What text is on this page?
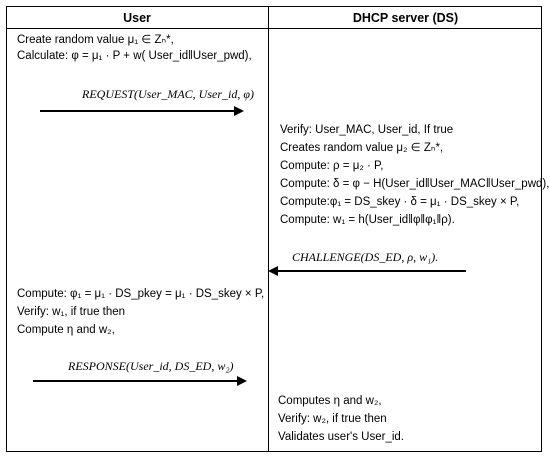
User	DHCP server (DS)
Create random value μ₁ ∈ Zₙ*,
Calculate: φ = μ₁ · P + w( User_id‖User_pwd),
REQUEST(User_MAC, User_id, φ)
Verify: User_MAC, User_id, If true
Creates random value μ₂ ∈ Zₙ*,
Compute: ρ = μ₂ · P,
Compute: δ = φ − H(User_id‖User_MAC‖User_pwd),
Compute:φ₁ = DS_skey · δ = μ₁ · DS_skey × P,
Compute: w₁ = h(User_id‖φ‖φ₁‖ρ).
CHALLENGE(DS_ED, ρ, w₁).
Compute: φ₁ = μ₁ · DS_pkey = μ₁ · DS_skey × P,
Verify: w₁, if true then
Compute η and w₂,
RESPONSE(User_id, DS_ED, w₂)
Computes η and w₂,
Verify: w₂, if true then
Validates user's User_id.
